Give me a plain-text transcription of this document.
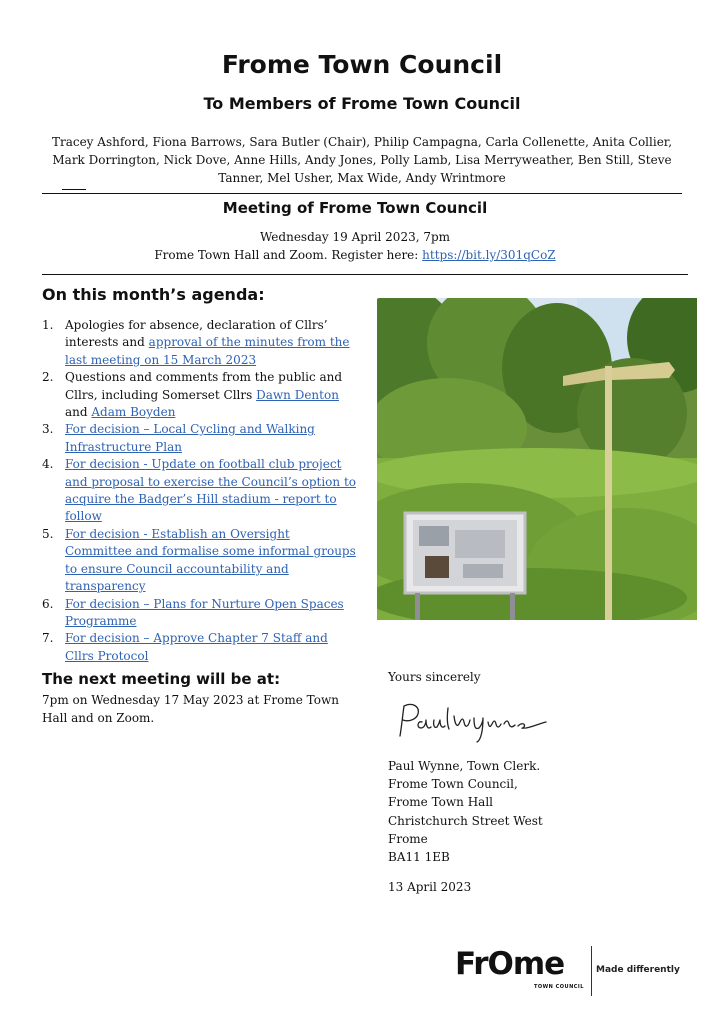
Frome Town Council
To Members of Frome Town Council
Tracey Ashford, Fiona Barrows, Sara Butler (Chair), Philip Campagna, Carla Collenette, Anita Collier,
Mark Dorrington, Nick Dove, Anne Hills, Andy Jones, Polly Lamb, Lisa Merryweather, Ben Still, Steve
Tanner, Mel Usher, Max Wide, Andy Wrintmore
Meeting of Frome Town Council
Wednesday 19 April 2023, 7pm
Frome Town Hall and Zoom. Register here: https://bit.ly/301qCoZ
On this month’s agenda:
1. Apologies for absence, declaration of Cllrs’ interests and approval of the minutes from the last meeting on 15 March 2023
2. Questions and comments from the public and Cllrs, including Somerset Cllrs Dawn Denton and Adam Boyden
3. For decision – Local Cycling and Walking Infrastructure Plan
4. For decision - Update on football club project and proposal to exercise the Council’s option to acquire the Badger’s Hill stadium - report to follow
5. For decision - Establish an Oversight Committee and formalise some informal groups to ensure Council accountability and transparency
6. For decision – Plans for Nurture Open Spaces Programme
7. For decision – Approve Chapter 7 Staff and Cllrs Protocol
The next meeting will be at:
7pm on Wednesday 17 May 2023 at Frome Town Hall and on Zoom.
Yours sincerely
Paul Wynne, Town Clerk.
Frome Town Council,
Frome Town Hall
Christchurch Street West
Frome
BA11 1EB
13 April 2023
FrOme
TOWN COUNCIL
Made differently
